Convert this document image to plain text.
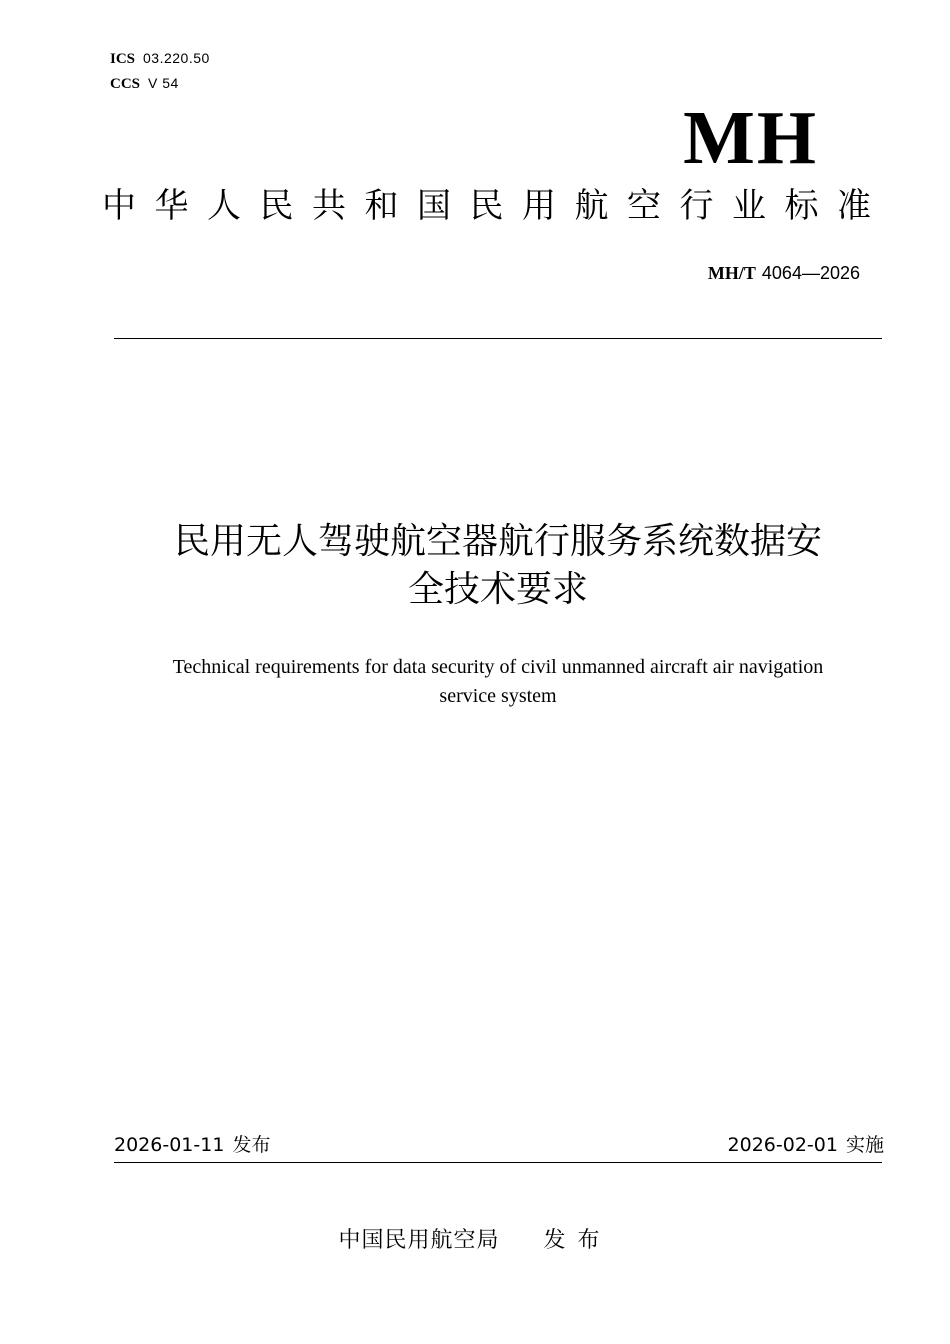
ICS 03.220.50
CCS V 54
MH
中华人民共和国民用航空行业标准
MH/T 4064—2026
民用无人驾驶航空器航行服务系统数据安
全技术要求
Technical requirements for data security of civil unmanned aircraft air navigation
service system
2026-01-11 发布	2026-02-01 实施
中国民用航空局 发布
